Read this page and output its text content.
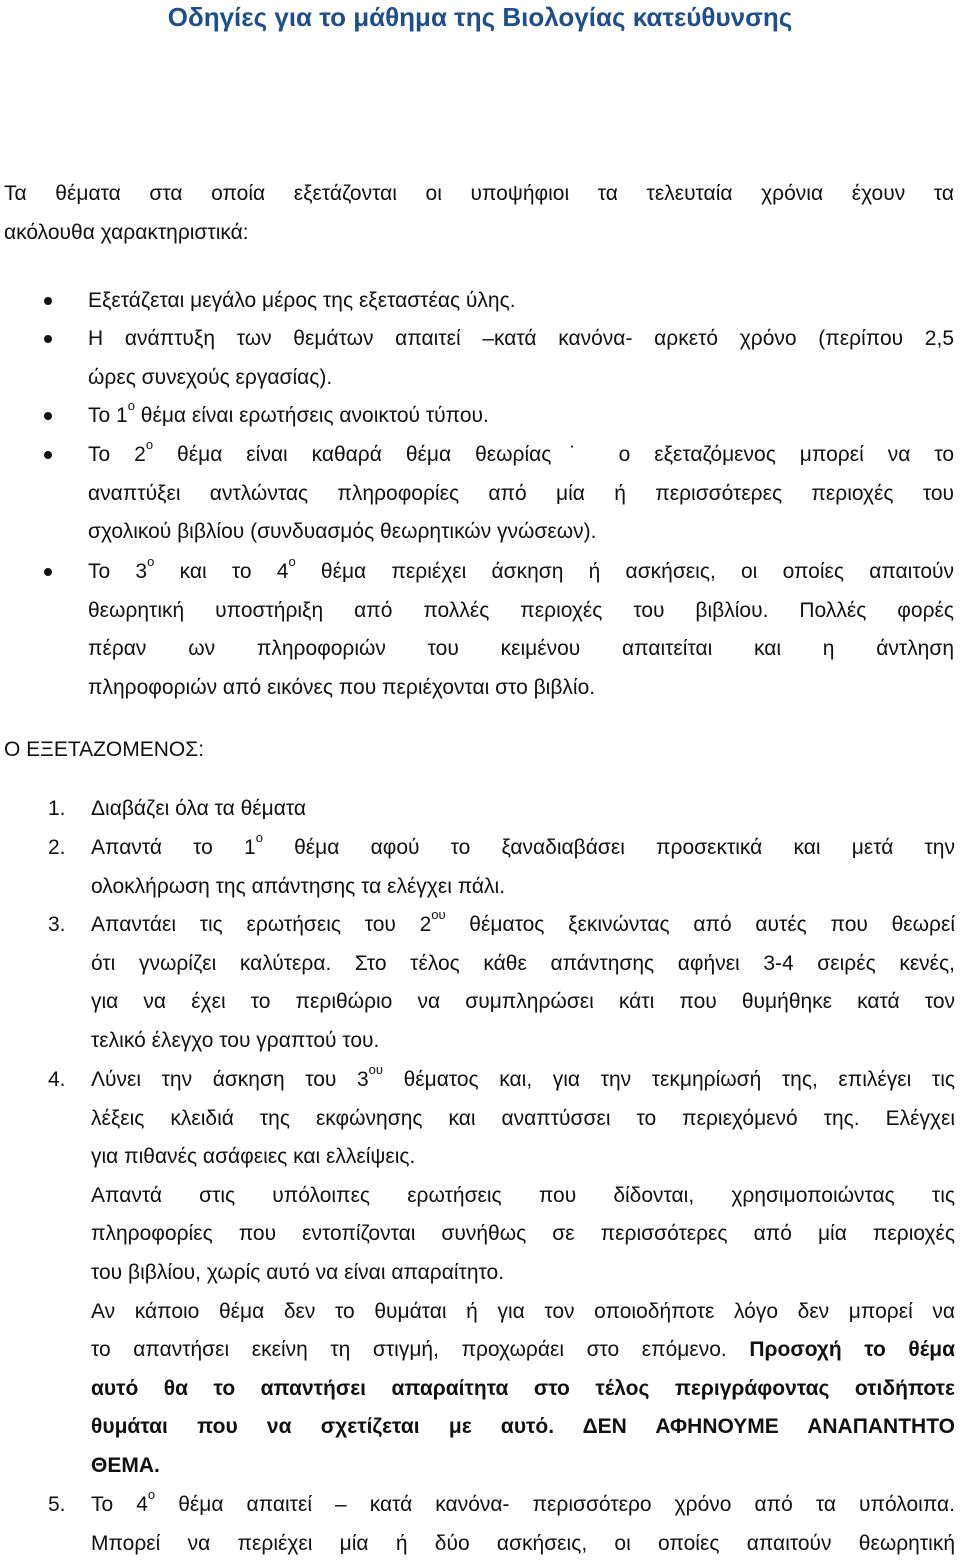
Οδηγίες για το μάθημα της Βιολογίας κατεύθυνσης
Τα θέματα στα οποία εξετάζονται οι υποψήφιοι τα τελευταία χρόνια έχουν τα
ακόλουθα χαρακτηριστικά:
Εξετάζεται μεγάλο μέρος της εξεταστέας ύλης.
Η ανάπτυξη των θεμάτων απαιτεί –κατά κανόνα- αρκετό χρόνο (περίπου 2,5
ώρες συνεχούς εργασίας).
Το $1^o$ θέμα είναι ερωτήσεις ανοικτού τύπου.
Το $2^o$ θέμα είναι καθαρά θέμα θεωρίας˙ ο εξεταζόμενος μπορεί να το
αναπτύξει αντλώντας πληροφορίες από μία ή περισσότερες περιοχές του
σχολικού βιβλίου (συνδυασμός θεωρητικών γνώσεων).
Το $3^o$ και το $4^o$ θέμα περιέχει άσκηση ή ασκήσεις, οι οποίες απαιτούν
θεωρητική υποστήριξη από πολλές περιοχές του βιβλίου. Πολλές φορές
πέραν ων πληροφοριών του κειμένου απαιτείται και η άντληση
πληροφοριών από εικόνες που περιέχονται στο βιβλίο.
Ο ΕΞΕΤΑΖΟΜΕΝΟΣ:
1. Διαβάζει όλα τα θέματα
2. Απαντά το $1^o$ θέμα αφού το ξαναδιαβάσει προσεκτικά και μετά την
ολοκλήρωση της απάντησης τα ελέγχει πάλι.
3. Απαντάει τις ερωτήσεις του $2^{o\upsilon}$ θέματος ξεκινώντας από αυτές που θεωρεί
ότι γνωρίζει καλύτερα. Στο τέλος κάθε απάντησης αφήνει 3-4 σειρές κενές,
για να έχει το περιθώριο να συμπληρώσει κάτι που θυμήθηκε κατά τον
τελικό έλεγχο του γραπτού του.
4. Λύνει την άσκηση του $3^{o\upsilon}$ θέματος και, για την τεκμηρίωσή της, επιλέγει τις
λέξεις κλειδιά της εκφώνησης και αναπτύσσει το περιεχόμενό της. Ελέγχει
για πιθανές ασάφειες και ελλείψεις.
Απαντά στις υπόλοιπες ερωτήσεις που δίδονται, χρησιμοποιώντας τις
πληροφορίες που εντοπίζονται συνήθως σε περισσότερες από μία περιοχές
του βιβλίου, χωρίς αυτό να είναι απαραίτητο.
Αν κάποιο θέμα δεν το θυμάται ή για τον οποιοδήποτε λόγο δεν μπορεί να
το απαντήσει εκείνη τη στιγμή, προχωράει στο επόμενο. Προσοχή το θέμα
αυτό θα το απαντήσει απαραίτητα στο τέλος περιγράφοντας οτιδήποτε
θυμάται που να σχετίζεται με αυτό. ΔΕΝ ΑΦΗΝΟΥΜΕ ΑΝΑΠΑΝΤΗΤΟ
ΘΕΜΑ.
5. Το $4^o$ θέμα απαιτεί – κατά κανόνα- περισσότερο χρόνο από τα υπόλοιπα.
Μπορεί να περιέχει μία ή δύο ασκήσεις, οι οποίες απαιτούν θεωρητική
